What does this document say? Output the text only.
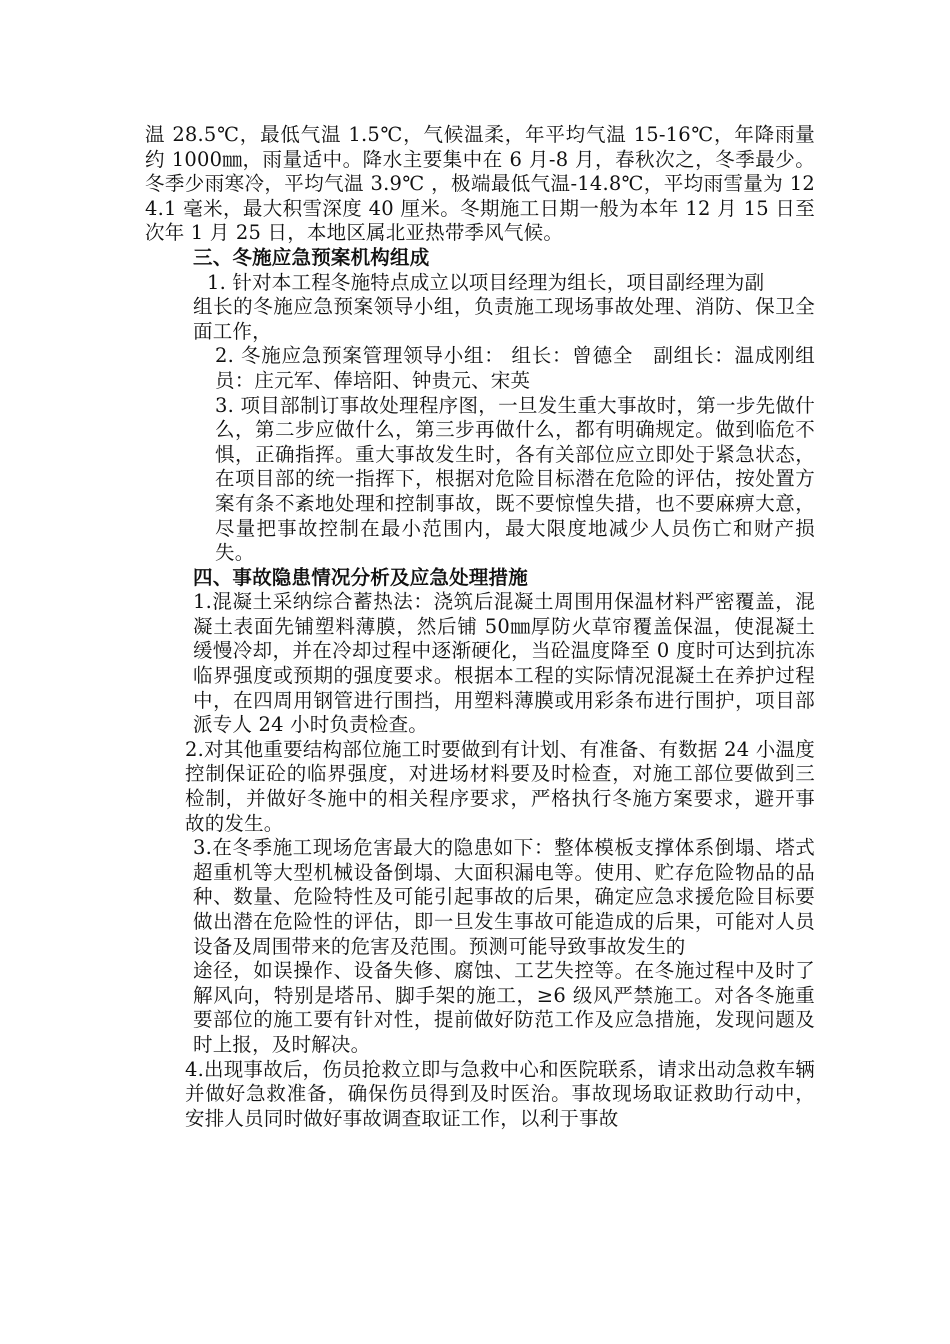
温 28.5℃，最低气温 1.5℃，气候温柔，年平均气温 15-16℃，年降雨量约 1000㎜，雨量适中。降水主要集中在 6 月-8 月，春秋次之，冬季最少。冬季少雨寒冷，平均气温 3.9℃ ，极端最低气温-14.8℃，平均雨雪量为 124.1 毫米，最大积雪深度 40 厘米。冬期施工日期一般为本年 12 月 15 日至次年 1 月 25 日，本地区属北亚热带季风气候。

三、冬施应急预案机构组成

1. 针对本工程冬施特点成立以项目经理为组长，项目副经理为副

组长的冬施应急预案领导小组，负责施工现场事故处理、消防、保卫全面工作，

2. 冬施应急预案管理领导小组： 组长：曾德全　副组长：温成刚组员：庄元军、俸培阳、钟贵元、宋英

3. 项目部制订事故处理程序图，一旦发生重大事故时，第一步先做什么，第二步应做什么，第三步再做什么，都有明确规定。做到临危不惧，正确指挥。重大事故发生时，各有关部位应立即处于紧急状态，在项目部的统一指挥下，根据对危险目标潜在危险的评估，按处置方案有条不紊地处理和控制事故，既不要惊惶失措，也不要麻痹大意，尽量把事故控制在最小范围内，最大限度地减少人员伤亡和财产损失。

四、事故隐患情况分析及应急处理措施

1.混凝土采纳综合蓄热法：浇筑后混凝土周围用保温材料严密覆盖，混凝土表面先铺塑料薄膜，然后铺 50㎜厚防火草帘覆盖保温，使混凝土缓慢冷却，并在冷却过程中逐渐硬化，当砼温度降至 0 度时可达到抗冻临界强度或预期的强度要求。根据本工程的实际情况混凝土在养护过程中，在四周用钢管进行围挡，用塑料薄膜或用彩条布进行围护，项目部派专人 24 小时负责检查。

2.对其他重要结构部位施工时要做到有计划、有准备、有数据 24 小温度控制保证砼的临界强度，对进场材料要及时检查，对施工部位要做到三检制，并做好冬施中的相关程序要求，严格执行冬施方案要求，避开事故的发生。

3.在冬季施工现场危害最大的隐患如下：整体模板支撑体系倒塌、塔式超重机等大型机械设备倒塌、大面积漏电等。使用、贮存危险物品的品种、数量、危险特性及可能引起事故的后果，确定应急求援危险目标要做出潜在危险性的评估，即一旦发生事故可能造成的后果，可能对人员设备及周围带来的危害及范围。预测可能导致事故发生的

途径，如误操作、设备失修、腐蚀、工艺失控等。在冬施过程中及时了解风向，特别是塔吊、脚手架的施工，≥6 级风严禁施工。对各冬施重要部位的施工要有针对性，提前做好防范工作及应急措施，发现问题及时上报，及时解决。

4.出现事故后，伤员抢救立即与急救中心和医院联系，请求出动急救车辆并做好急救准备，确保伤员得到及时医治。事故现场取证救助行动中，安排人员同时做好事故调查取证工作，以利于事故
